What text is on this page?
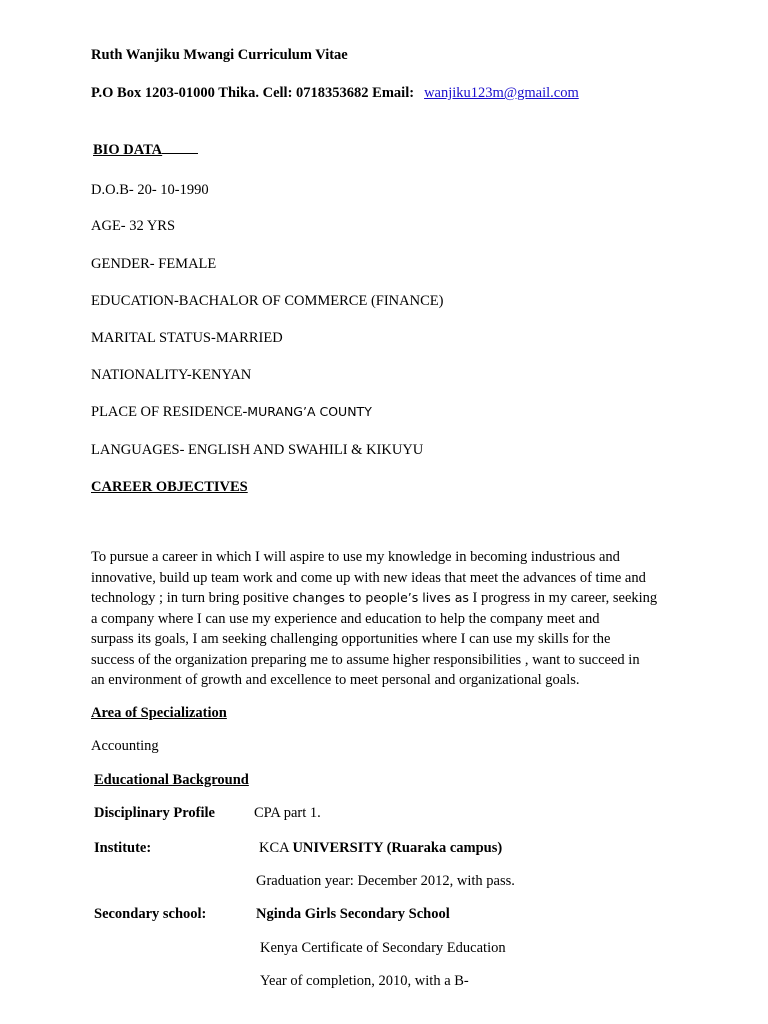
Ruth Wanjiku Mwangi Curriculum Vitae
P.O Box 1203-01000 Thika. Cell: 0718353682 Email: wanjiku123m@gmail.com
BIO DATA
D.O.B- 20- 10-1990
AGE- 32 YRS
GENDER- FEMALE
EDUCATION-BACHALOR OF COMMERCE (FINANCE)
MARITAL STATUS-MARRIED
NATIONALITY-KENYAN
PLACE OF RESIDENCE-MURANG’A COUNTY
LANGUAGES- ENGLISH AND SWAHILI & KIKUYU
CAREER OBJECTIVES
To pursue a career in which I will aspire to use my knowledge in becoming industrious and
innovative, build up team work and come up with new ideas that meet the advances of time and
technology ; in turn bring positive changes to people’s lives as I progress in my career, seeking
a company where I can use my experience and education to help the company meet and
surpass its goals, I am seeking challenging opportunities where I can use my skills for the
success of the organization preparing me to assume higher responsibilities , want to succeed in
an environment of growth and excellence to meet personal and organizational goals.
Area of Specialization
Accounting
Educational Background
Disciplinary Profile	CPA part 1.
Institute:	KCA UNIVERSITY (Ruaraka campus)
Graduation year: December 2012, with pass.
Secondary school:	Nginda Girls Secondary School
Kenya Certificate of Secondary Education
Year of completion, 2010, with a B-
